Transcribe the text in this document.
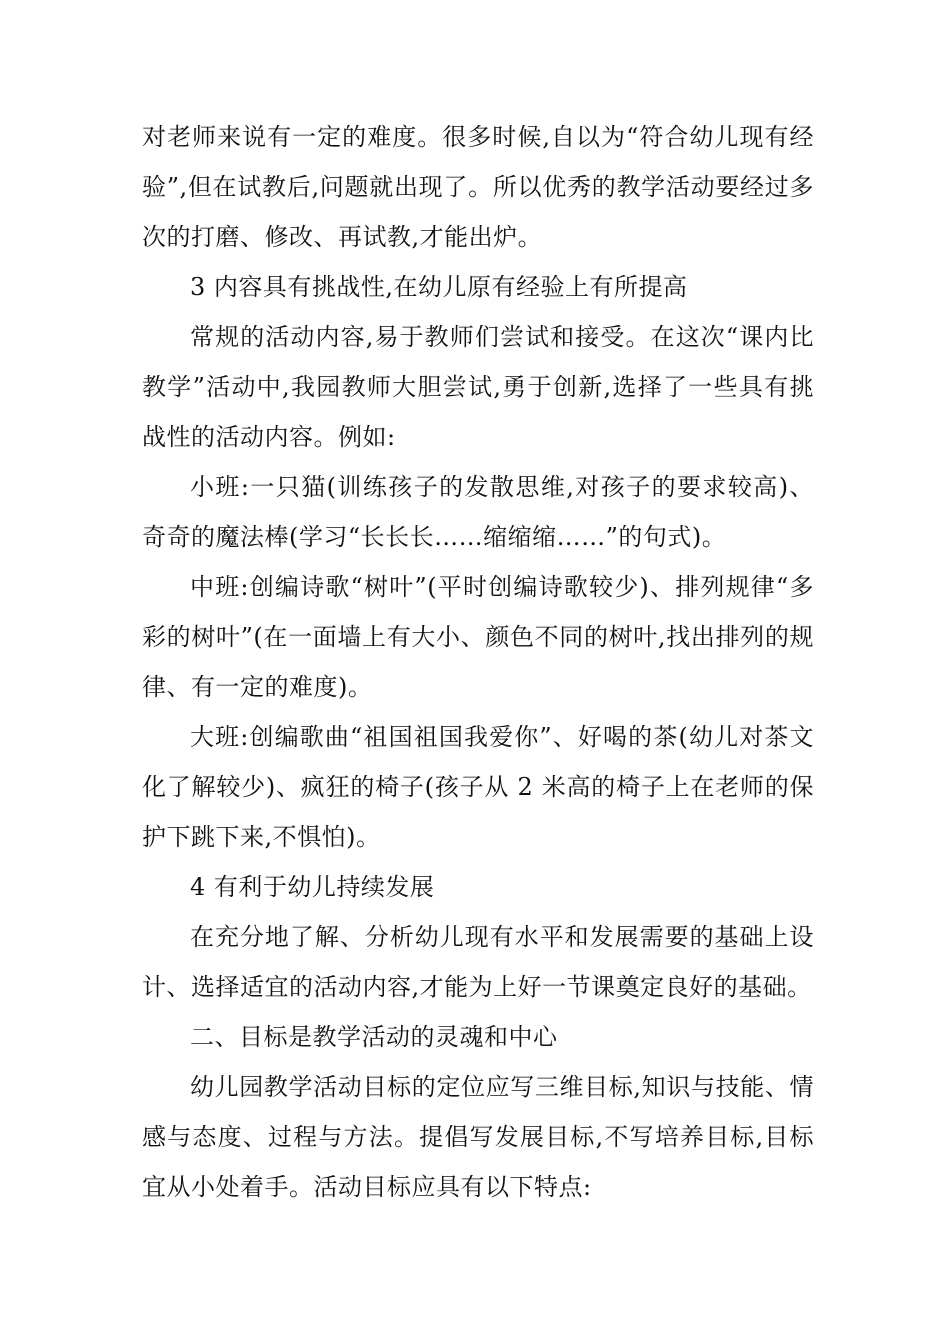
对老师来说有一定的难度。很多时候,自以为“符合幼儿现有经验”,但在试教后,问题就出现了。所以优秀的教学活动要经过多次的打磨、修改、再试教,才能出炉。

3 内容具有挑战性,在幼儿原有经验上有所提高

常规的活动内容,易于教师们尝试和接受。在这次“课内比教学”活动中,我园教师大胆尝试,勇于创新,选择了一些具有挑战性的活动内容。例如:

小班:一只猫(训练孩子的发散思维,对孩子的要求较高)、奇奇的魔法棒(学习“长长长……缩缩缩……”的句式)。

中班:创编诗歌“树叶”(平时创编诗歌较少)、排列规律“多彩的树叶”(在一面墙上有大小、颜色不同的树叶,找出排列的规律、有一定的难度)。

大班:创编歌曲“祖国祖国我爱你”、好喝的茶(幼儿对茶文化了解较少)、疯狂的椅子(孩子从 2 米高的椅子上在老师的保护下跳下来,不惧怕)。

4 有利于幼儿持续发展

在充分地了解、分析幼儿现有水平和发展需要的基础上设计、选择适宜的活动内容,才能为上好一节课奠定良好的基础。

二、目标是教学活动的灵魂和中心

幼儿园教学活动目标的定位应写三维目标,知识与技能、情感与态度、过程与方法。提倡写发展目标,不写培养目标,目标宜从小处着手。活动目标应具有以下特点:
